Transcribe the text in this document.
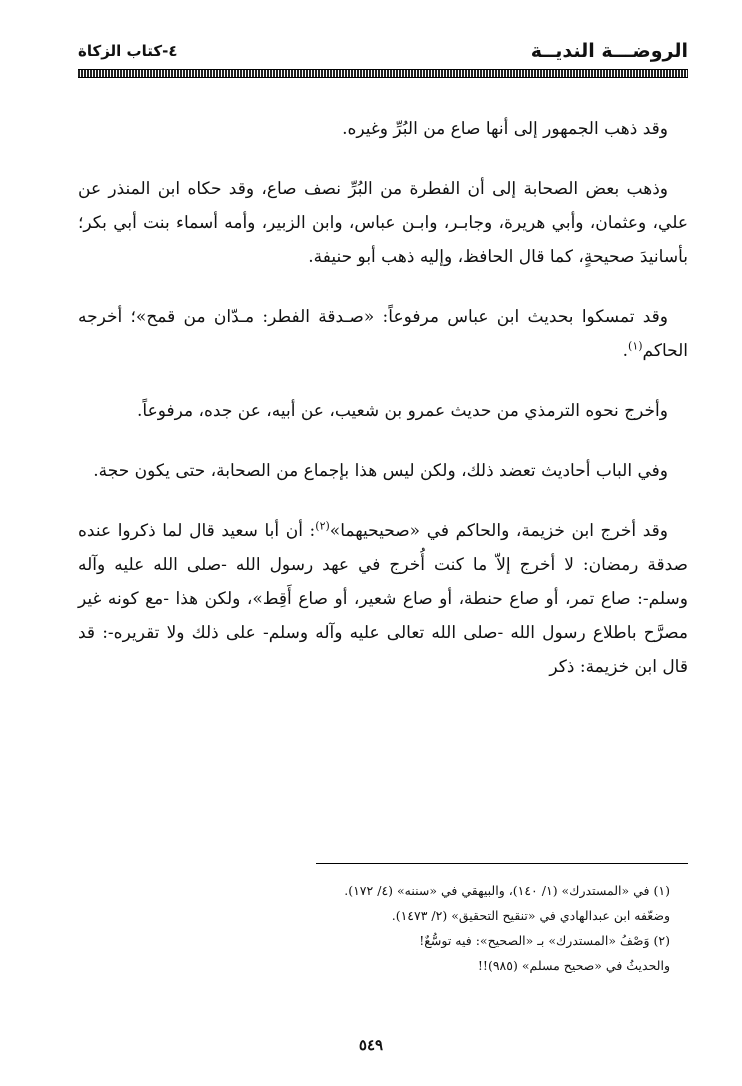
الروضـــة النديــة
٤-كتاب الزكاة

وقد ذهب الجمهور إلى أنها صاع من البُرِّ وغيره.

وذهب بعض الصحابة إلى أن الفطرة من البُرِّ نصف صاع، وقد حكاه ابن المنذر عن علي، وعثمان، وأبي هريرة، وجابـر، وابـن عباس، وابن الزبير، وأمه أسماء بنت أبي بكر؛ بأسانيدَ صحيحةٍ، كما قال الحافظ، وإليه ذهب أبو حنيفة.

وقد تمسكوا بحديث ابن عباس مرفوعاً: «صـدقة الفطر: مـدّان من قمح»؛ أخرجه الحاكم$^{(١)}$.

وأخرج نحوه الترمذي من حديث عمرو بن شعيب، عن أبيه، عن جده، مرفوعاً.

وفي الباب أحاديث تعضد ذلك، ولكن ليس هذا بإجماع من الصحابة، حتى يكون حجة.

وقد أخرج ابن خزيمة، والحاكم في «صحيحيهما»$^{(٢)}$: أن أبا سعيد قال لما ذكروا عنده صدقة رمضان: لا أخرج إلاّ ما كنت أُخرج في عهد رسول الله -صلى الله عليه وآله وسلم-: صاع تمر، أو صاع حنطة، أو صاع شعير، أو صاع أَقِط»، ولكن هذا -مع كونه غير مصرَّح باطلاع رسول الله -صلى الله تعالى عليه وآله وسلم- على ذلك ولا تقريره-: قد قال ابن خزيمة: ذكر

(١) في «المستدرك» (١/ ١٤٠)، والبيهقي في «سننه» (٤/ ١٧٢).

وضعّفه ابن عبدالهادي في «تنقيح التحقيق» (٢/ ١٤٧٣).

(٢) وَصْفُ «المستدرك» بـ «الصحيح»: فيه توسُّعٌ!

والحديثُ في «صحيح مسلم» (٩٨٥)!!

٥٤٩
